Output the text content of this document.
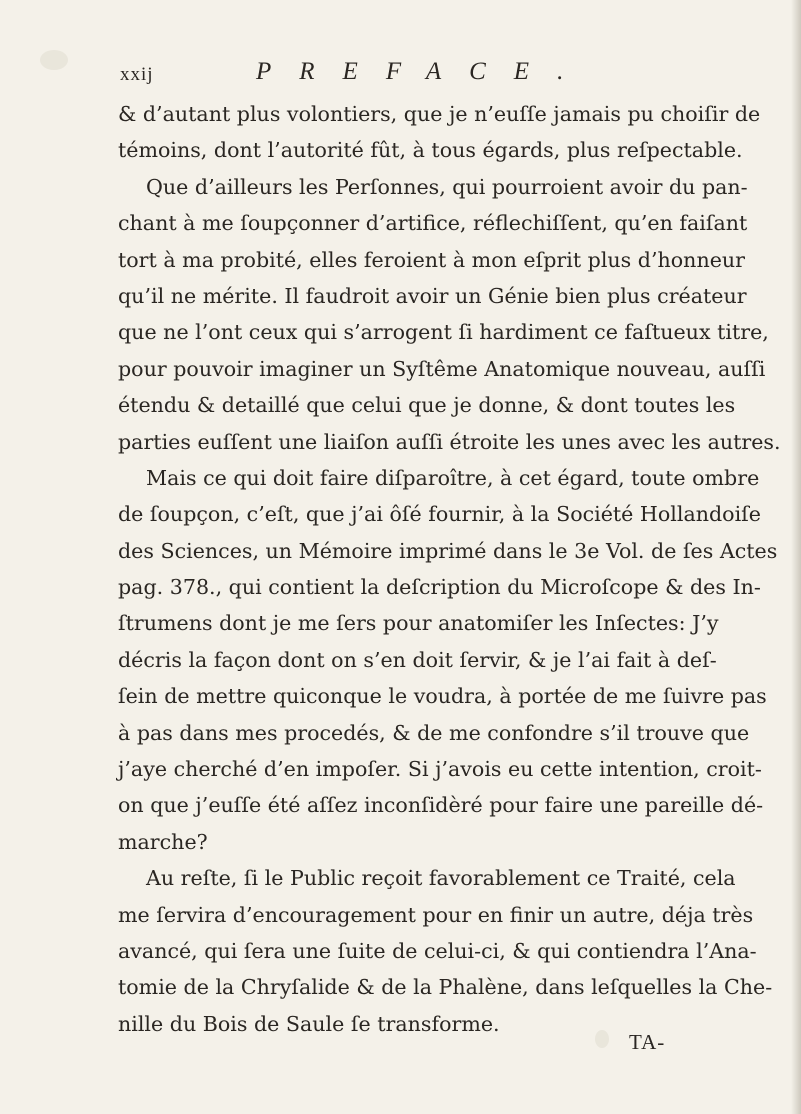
xxij	PREFACE.
& d’autant plus volontiers, que je n’euſſe jamais pu choiſir de
témoins, dont l’autorité fût, à tous égards, plus reſpectable.
Que d’ailleurs les Perſonnes, qui pourroient avoir du pan-
chant à me ſoupçonner d’artifice, réflechiſſent, qu’en faiſant
tort à ma probité, elles feroient à mon eſprit plus d’honneur
qu’il ne mérite. Il faudroit avoir un Génie bien plus créateur
que ne l’ont ceux qui s’arrogent ſi hardiment ce faſtueux titre,
pour pouvoir imaginer un Syſtême Anatomique nouveau, auſſi
étendu & detaillé que celui que je donne, & dont toutes les
parties euſſent une liaiſon auſſi étroite les unes avec les autres.
Mais ce qui doit faire diſparoître, à cet égard, toute ombre
de ſoupçon, c’eſt, que j’ai ôſé fournir, à la Société Hollandoiſe
des Sciences, un Mémoire imprimé dans le 3e Vol. de ſes Actes
pag. 378., qui contient la deſcription du Microſcope & des In-
ſtrumens dont je me ſers pour anatomiſer les Inſectes: J’y
décris la façon dont on s’en doit ſervir, & je l’ai fait à deſ-
ſein de mettre quiconque le voudra, à portée de me ſuivre pas
à pas dans mes procedés, & de me confondre s’il trouve que
j’aye cherché d’en impoſer. Si j’avois eu cette intention, croit-
on que j’euſſe été aſſez inconſidèré pour faire une pareille dé-
marche?
Au reſte, ſi le Public reçoit favorablement ce Traité, cela
me ſervira d’encouragement pour en finir un autre, déja très
avancé, qui ſera une ſuite de celui-ci, & qui contiendra l’Ana-
tomie de la Chryſalide & de la Phalène, dans leſquelles la Che-
nille du Bois de Saule ſe transforme.
TA-
